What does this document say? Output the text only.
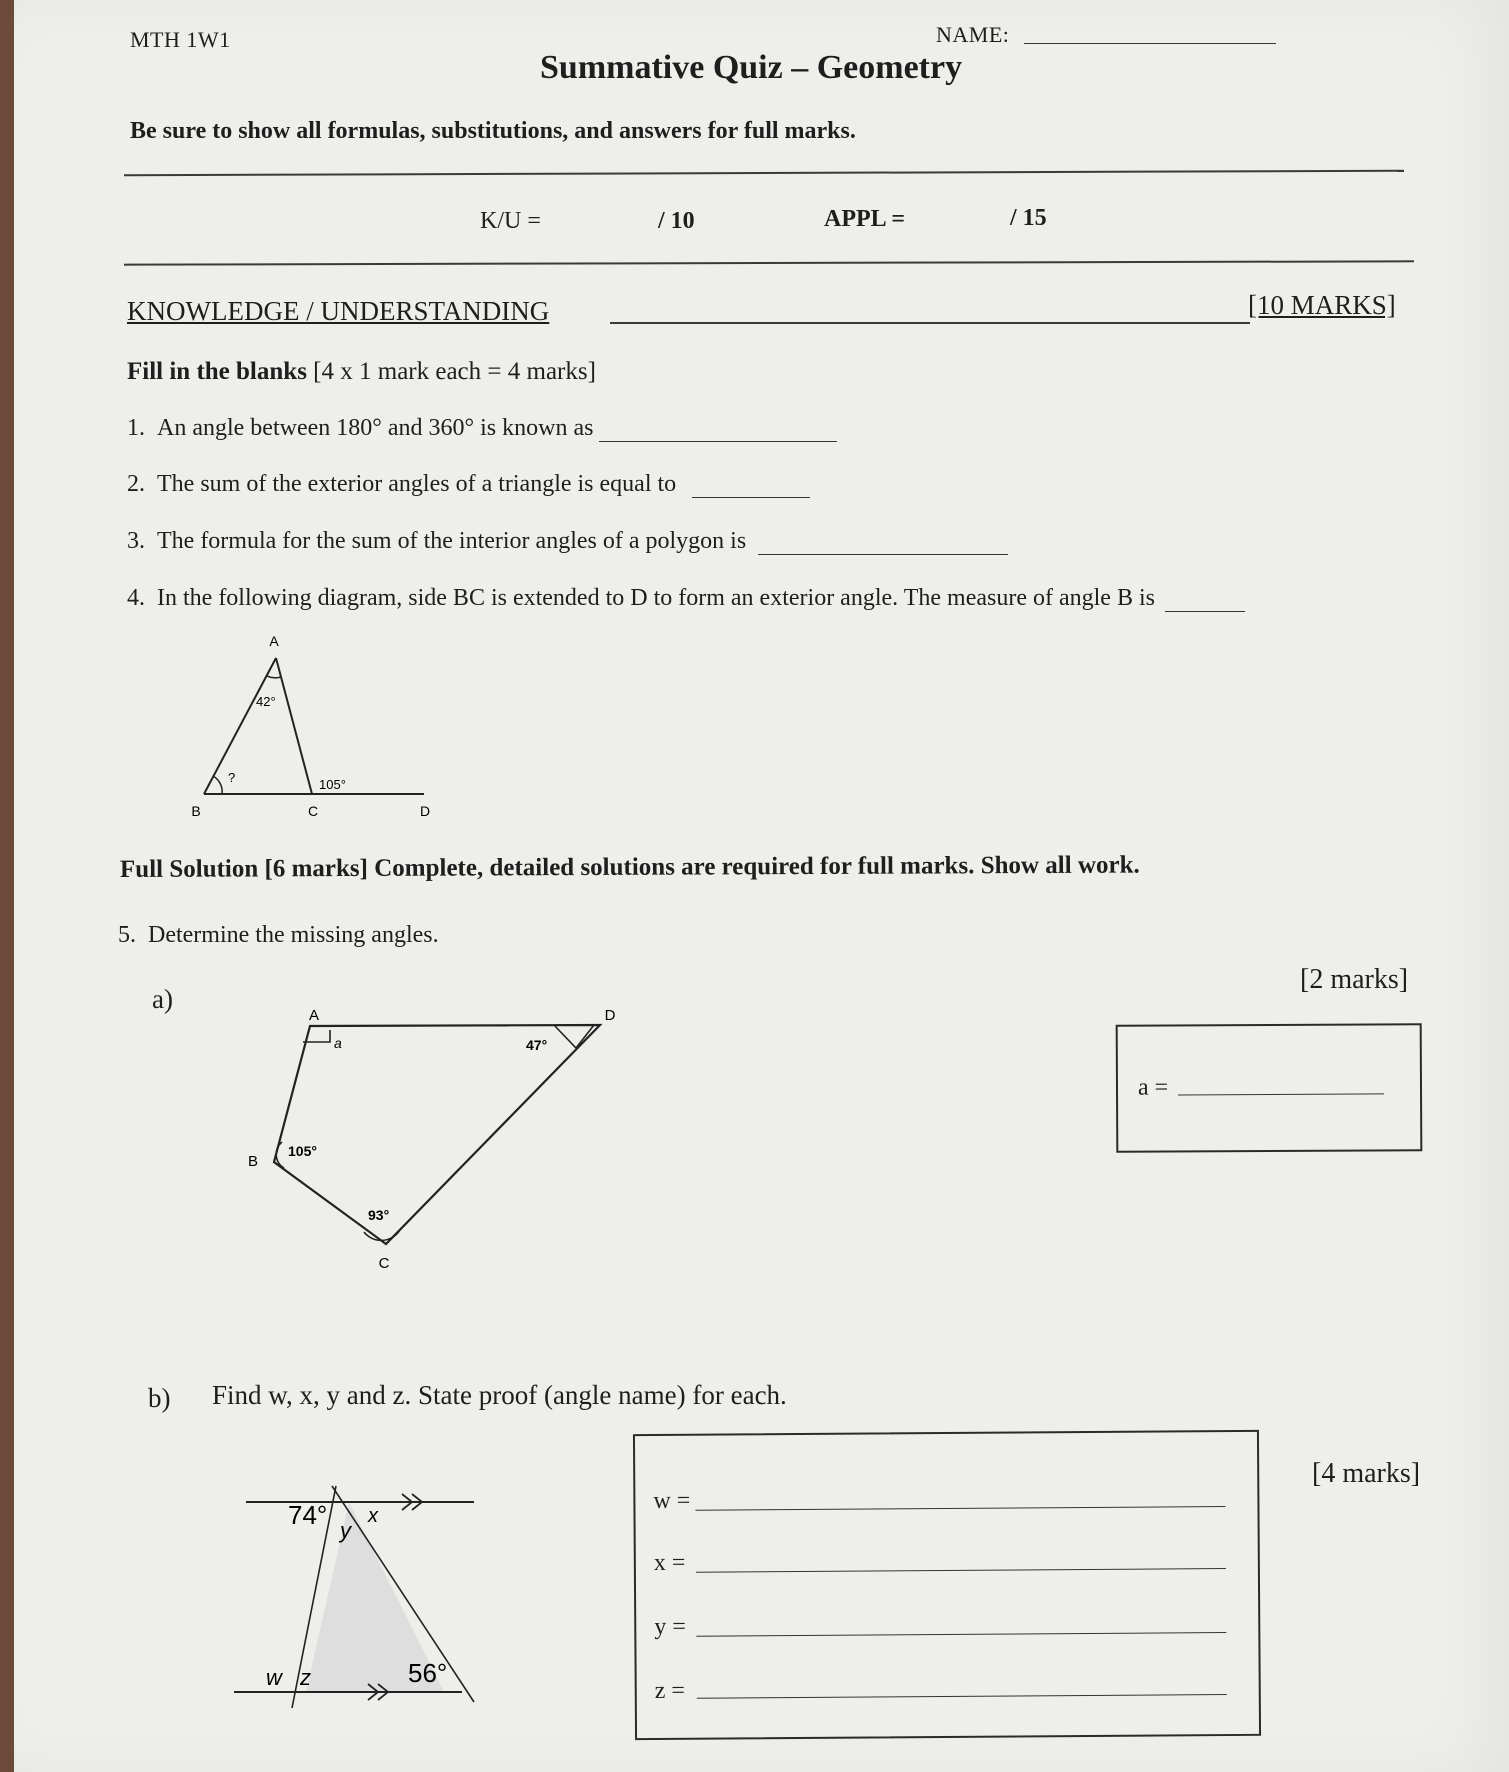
MTH 1W1	NAME:
Summative Quiz – Geometry
Be sure to show all formulas, substitutions, and answers for full marks.
K/U =	/ 10	APPL =	/ 15
KNOWLEDGE / UNDERSTANDING	[10 MARKS]
Fill in the blanks [4 x 1 mark each = 4 marks]
1. An angle between 180° and 360° is known as
2. The sum of the exterior angles of a triangle is equal to
3. The formula for the sum of the interior angles of a polygon is
4. In the following diagram, side BC is extended to D to form an exterior angle. The measure of angle B is
A
B	C	D
42°
?	105°
Full Solution [6 marks] Complete, detailed solutions are required for full marks. Show all work.
5. Determine the missing angles.
a)
[2 marks]
A	D
B
C
a	47°
105°
93°
a =
b) Find w, x, y and z. State proof (angle name) for each.
74°
y
x
w z	56°
w =
x =
y =
z =
[4 marks]
